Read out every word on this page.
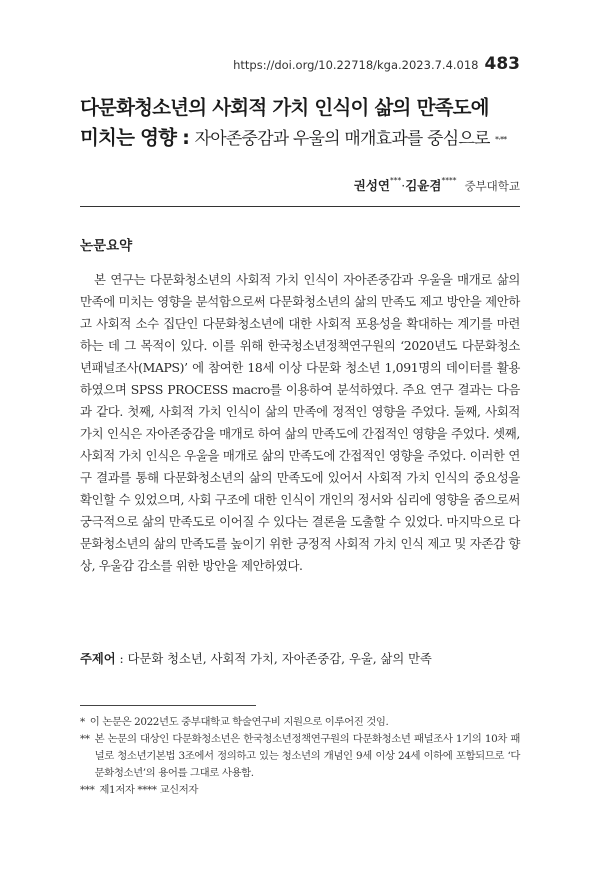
https://doi.org/10.22718/kga.2023.7.4.018 483
다문화청소년의 사회적 가치 인식이 삶의 만족도에
미치는 영향 : 자아존중감과 우울의 매개효과를 중심으로 *·**
권성연***·김윤겸**** 중부대학교
논문요약

본 연구는 다문화청소년의 사회적 가치 인식이 자아존중감과 우울을 매개로 삶의 만족에 미치는 영향을 분석함으로써 다문화청소년의 삶의 만족도 제고 방안을 제안하고 사회적 소수 집단인 다문화청소년에 대한 사회적 포용성을 확대하는 계기를 마련하는 데 그 목적이 있다. 이를 위해 한국청소년정책연구원의 ‘2020년도 다문화청소년패널조사(MAPS)’ 에 참여한 18세 이상 다문화 청소년 1,091명의 데이터를 활용하였으며 SPSS PROCESS macro를 이용하여 분석하였다. 주요 연구 결과는 다음과 같다. 첫째, 사회적 가치 인식이 삶의 만족에 정적인 영향을 주었다. 둘째, 사회적 가치 인식은 자아존중감을 매개로 하여 삶의 만족도에 간접적인 영향을 주었다. 셋째, 사회적 가치 인식은 우울을 매개로 삶의 만족도에 간접적인 영향을 주었다. 이러한 연구 결과를 통해 다문화청소년의 삶의 만족도에 있어서 사회적 가치 인식의 중요성을 확인할 수 있었으며, 사회 구조에 대한 인식이 개인의 정서와 심리에 영향을 줌으로써 궁극적으로 삶의 만족도로 이어질 수 있다는 결론을 도출할 수 있었다. 마지막으로 다문화청소년의 삶의 만족도를 높이기 위한 긍정적 사회적 가치 인식 제고 및 자존감 향상, 우울감 감소를 위한 방안을 제안하였다.

주제어 : 다문화 청소년, 사회적 가치, 자아존중감, 우울, 삶의 만족
* 이 논문은 2022년도 중부대학교 학술연구비 지원으로 이루어진 것임.
** 본 논문의 대상인 다문화청소년은 한국청소년정책연구원의 다문화청소년 패널조사 1기의 10차 패널로 청소년기본법 3조에서 정의하고 있는 청소년의 개념인 9세 이상 24세 이하에 포함되므로 ‘다문화청소년’의 용어를 그대로 사용함.
*** 제1저자 **** 교신저자
